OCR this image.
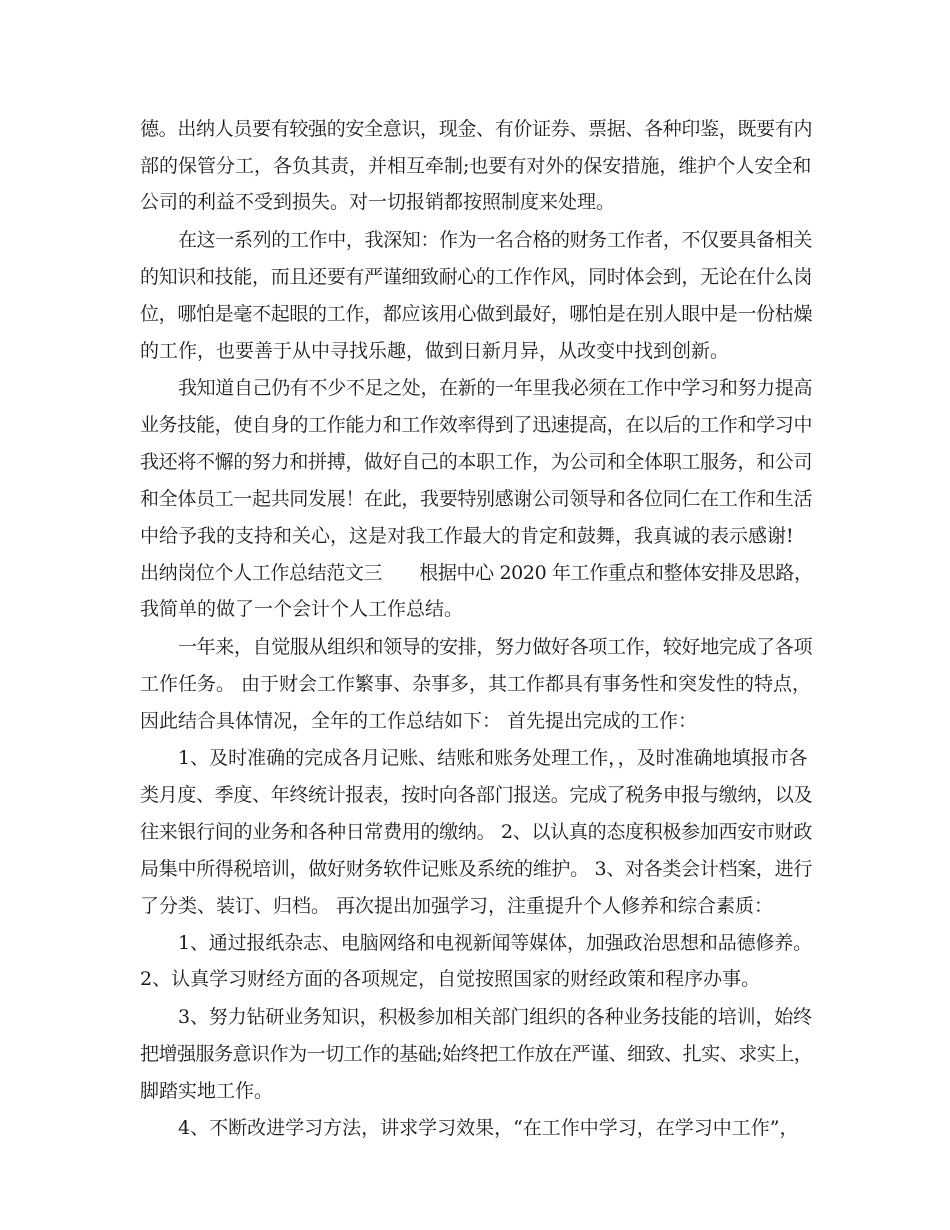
德。出纳人员要有较强的安全意识，现金、有价证券、票据、各种印鉴，既要有内
部的保管分工，各负其责，并相互牵制;也要有对外的保安措施，维护个人安全和
公司的利益不受到损失。对一切报销都按照制度来处理。
在这一系列的工作中，我深知：作为一名合格的财务工作者，不仅要具备相关
的知识和技能，而且还要有严谨细致耐心的工作作风，同时体会到，无论在什么岗
位，哪怕是毫不起眼的工作，都应该用心做到最好，哪怕是在别人眼中是一份枯燥
的工作，也要善于从中寻找乐趣，做到日新月异，从改变中找到创新。
我知道自己仍有不少不足之处，在新的一年里我必须在工作中学习和努力提高
业务技能，使自身的工作能力和工作效率得到了迅速提高，在以后的工作和学习中
我还将不懈的努力和拼搏，做好自己的本职工作，为公司和全体职工服务，和公司
和全体员工一起共同发展！在此，我要特别感谢公司领导和各位同仁在工作和生活
中给予我的支持和关心，这是对我工作最大的肯定和鼓舞，我真诚的表示感谢!
出纳岗位个人工作总结范文三　　根据中心 2020 年工作重点和整体安排及思路，
我简单的做了一个会计个人工作总结。
一年来，自觉服从组织和领导的安排，努力做好各项工作，较好地完成了各项
工作任务。 由于财会工作繁事、杂事多，其工作都具有事务性和突发性的特点，
因此结合具体情况，全年的工作总结如下： 首先提出完成的工作：
1、及时准确的完成各月记账、结账和账务处理工作，，及时准确地填报市各
类月度、季度、年终统计报表，按时向各部门报送。完成了税务申报与缴纳，以及
往来银行间的业务和各种日常费用的缴纳。 2、以认真的态度积极参加西安市财政
局集中所得税培训，做好财务软件记账及系统的维护。 3、对各类会计档案，进行
了分类、装订、归档。 再次提出加强学习，注重提升个人修养和综合素质：
1、通过报纸杂志、电脑网络和电视新闻等媒体，加强政治思想和品德修养。
2、认真学习财经方面的各项规定，自觉按照国家的财经政策和程序办事。
3、努力钻研业务知识，积极参加相关部门组织的各种业务技能的培训，始终
把增强服务意识作为一切工作的基础;始终把工作放在严谨、细致、扎实、求实上，
脚踏实地工作。
4、不断改进学习方法，讲求学习效果，“在工作中学习，在学习中工作”，
